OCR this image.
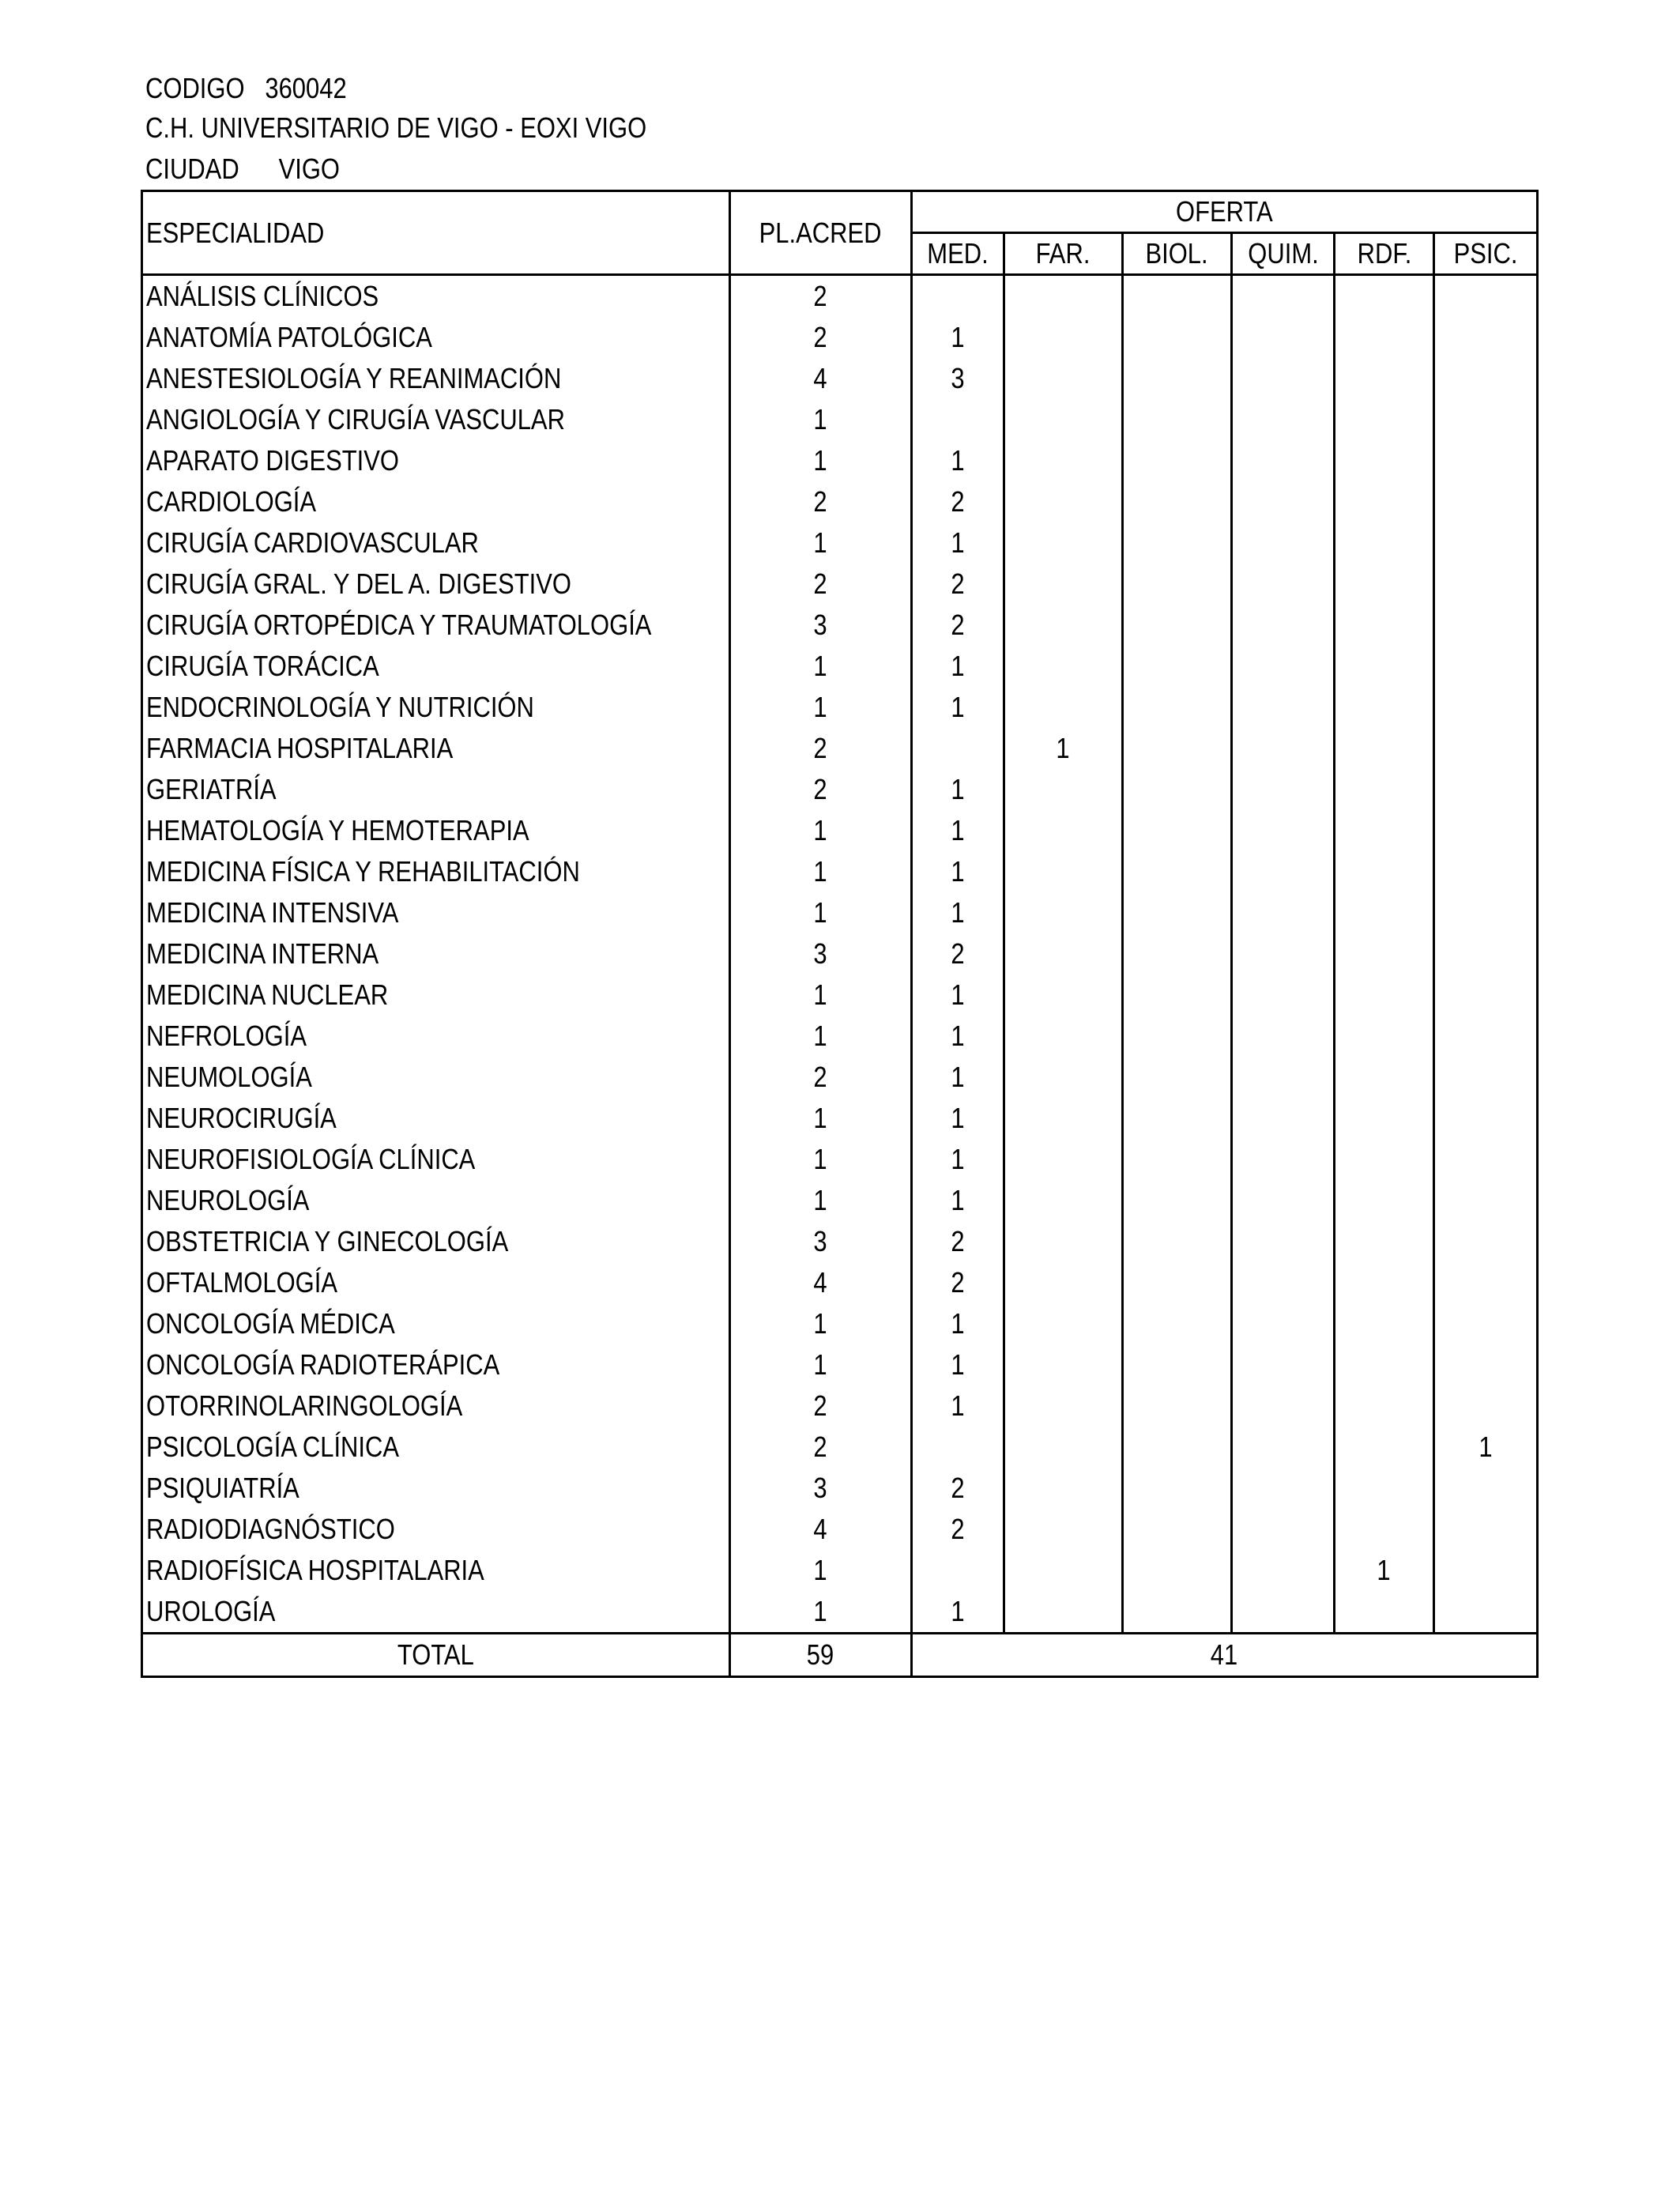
CODIGO 360042
C.H. UNIVERSITARIO DE VIGO - EOXI VIGO
CIUDAD VIGO
ESPECIALIDAD	PL.ACRED	OFERTA					
		MED.	FAR.	BIOL.	QUIM.	RDF.	PSIC.
ANÁLISIS CLÍNICOS	2						
ANATOMÍA PATOLÓGICA	2	1					
ANESTESIOLOGÍA Y REANIMACIÓN	4	3					
ANGIOLOGÍA Y CIRUGÍA VASCULAR	1						
APARATO DIGESTIVO	1	1					
CARDIOLOGÍA	2	2					
CIRUGÍA CARDIOVASCULAR	1	1					
CIRUGÍA GRAL. Y DEL A. DIGESTIVO	2	2					
CIRUGÍA ORTOPÉDICA Y TRAUMATOLOGÍA	3	2					
CIRUGÍA TORÁCICA	1	1					
ENDOCRINOLOGÍA Y NUTRICIÓN	1	1					
FARMACIA HOSPITALARIA	2		1				
GERIATRÍA	2	1					
HEMATOLOGÍA Y HEMOTERAPIA	1	1					
MEDICINA FÍSICA Y REHABILITACIÓN	1	1					
MEDICINA INTENSIVA	1	1					
MEDICINA INTERNA	3	2					
MEDICINA NUCLEAR	1	1					
NEFROLOGÍA	1	1					
NEUMOLOGÍA	2	1					
NEUROCIRUGÍA	1	1					
NEUROFISIOLOGÍA CLÍNICA	1	1					
NEUROLOGÍA	1	1					
OBSTETRICIA Y GINECOLOGÍA	3	2					
OFTALMOLOGÍA	4	2					
ONCOLOGÍA MÉDICA	1	1					
ONCOLOGÍA RADIOTERÁPICA	1	1					
OTORRINOLARINGOLOGÍA	2	1					
PSICOLOGÍA CLÍNICA	2						1
PSIQUIATRÍA	3	2					
RADIODIAGNÓSTICO	4	2					
RADIOFÍSICA HOSPITALARIA	1					1	
UROLOGÍA	1	1					
TOTAL	59	41					
